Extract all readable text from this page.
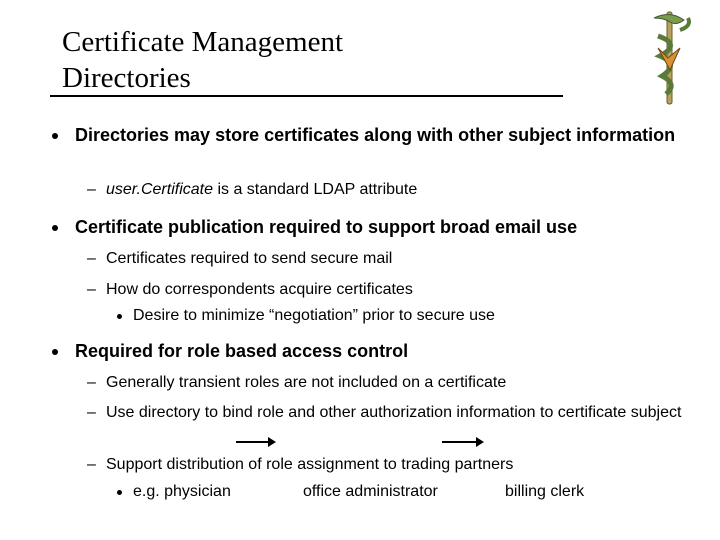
Certificate Management
Directories
Directories may store certificates along with other subject information
– user.Certificate is a standard LDAP attribute
Certificate publication required to support broad email use
– Certificates required to send secure mail
– How do correspondents acquire certificates
Desire to minimize “negotiation” prior to secure use
Required for role based access control
– Generally transient roles are not included on a certificate
– Use directory to bind role and other authorization information to certificate subject
– Support distribution of role assignment to trading partners
e.g. physician	office administrator	billing clerk
